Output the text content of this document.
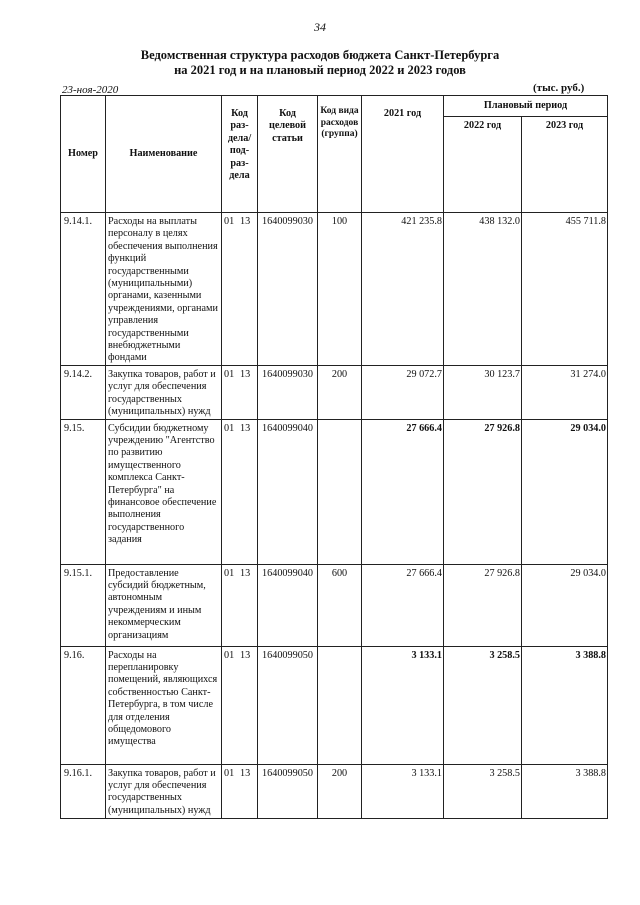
34
Ведомственная структура расходов бюджета Санкт-Петербурга
на 2021 год и на плановый период 2022 и 2023 годов
23-ноя-2020	(тыс. руб.)
Номер	Наименование	Код раз-дела/ под-раз-дела	Код целевой статьи	Код вида расходов (группа)	2021 год	Плановый период	
						2022 год	2023 год
9.14.1.	Расходы на выплаты персоналу в целях обеспечения выполнения функций государственными (муниципальными) органами, казенными учреждениями, органами управления государственными внебюджетными фондами	01 13	1640099030	100	421 235.8	438 132.0	455 711.8
9.14.2.	Закупка товаров, работ и услуг для обеспечения государственных (муниципальных) нужд	01 13	1640099030	200	29 072.7	30 123.7	31 274.0
9.15.	Субсидии бюджетному учреждению "Агентство по развитию имущественного комплекса Санкт-Петербурга" на финансовое обеспечение выполнения государственного задания	01 13	1640099040		27 666.4	27 926.8	29 034.0
9.15.1.	Предоставление субсидий бюджетным, автономным учреждениям и иным некоммерческим организациям	01 13	1640099040	600	27 666.4	27 926.8	29 034.0
9.16.	Расходы на перепланировку помещений, являющихся собственностью Санкт-Петербурга, в том числе для отделения общедомового имущества	01 13	1640099050		3 133.1	3 258.5	3 388.8
9.16.1.	Закупка товаров, работ и услуг для обеспечения государственных (муниципальных) нужд	01 13	1640099050	200	3 133.1	3 258.5	3 388.8
